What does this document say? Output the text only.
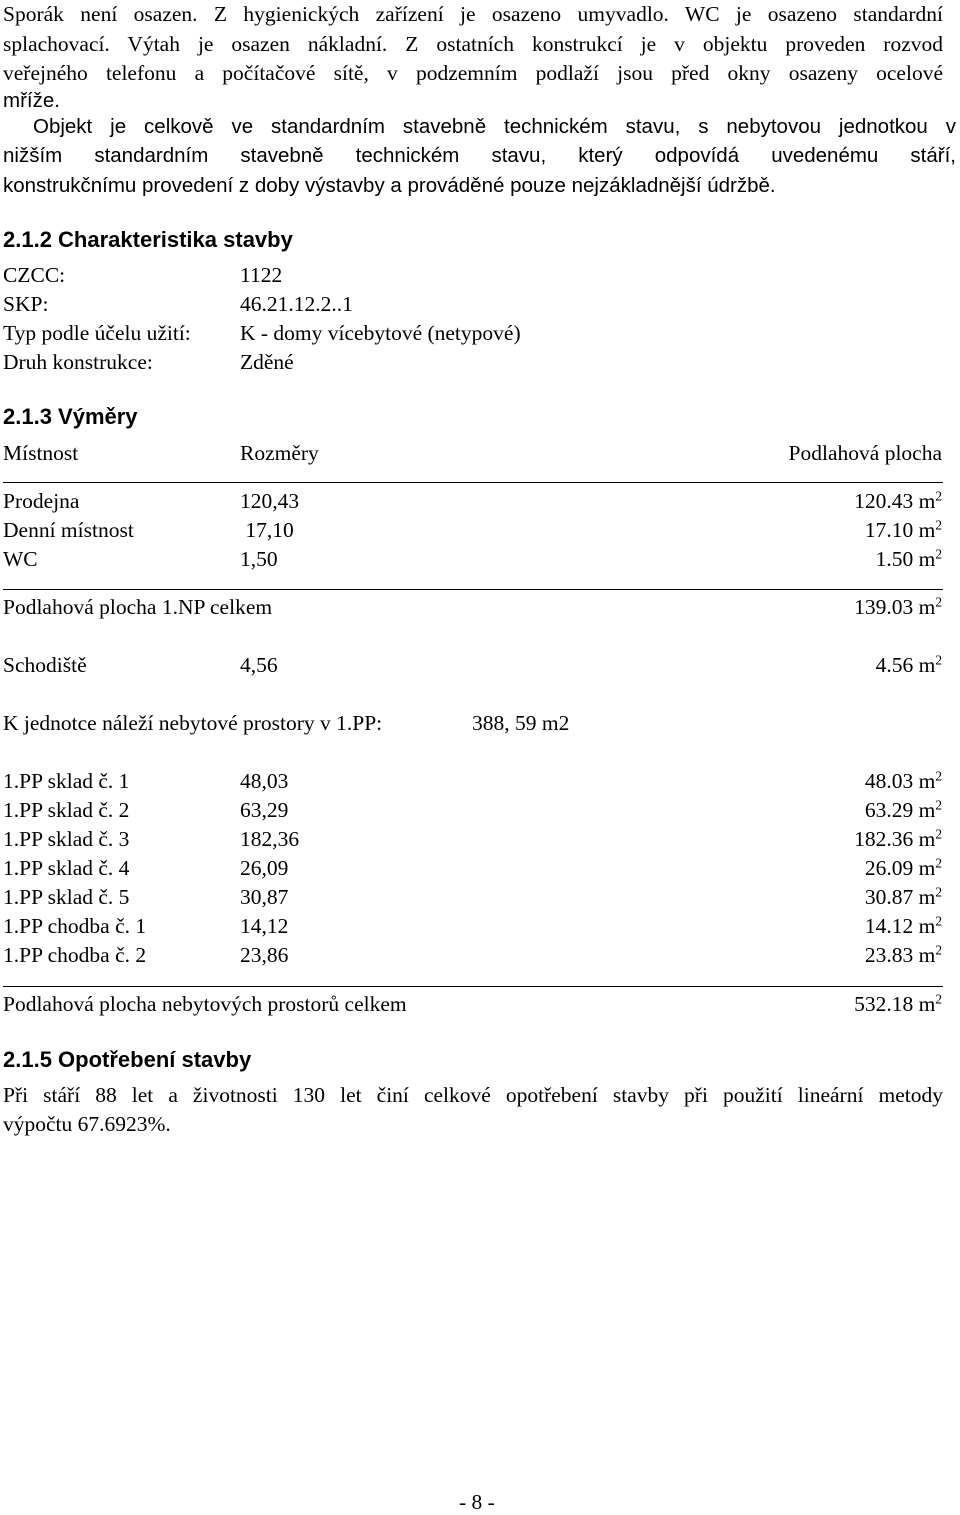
Sporák není osazen. Z hygienických zařízení je osazeno umyvadlo. WC je osazeno standardní
splachovací. Výtah je osazen nákladní. Z ostatních konstrukcí je v objektu proveden rozvod
veřejného telefonu a počítačové sítě, v podzemním podlaží jsou před okny osazeny ocelové
mříže.
Objekt je celkově ve standardním stavebně technickém stavu, s nebytovou jednotkou v
nižším standardním stavebně technickém stavu, který odpovídá uvedenému stáří,
konstrukčnímu provedení z doby výstavby a prováděné pouze nejzákladnější údržbě.
2.1.2 Charakteristika stavby
CZCC:	1122
SKP:	46.21.12.2..1
Typ podle účelu užití: K - domy vícebytové (netypové)
Druh konstrukce:	Zděné
2.1.3 Výměry
Místnost	Rozměry	Podlahová plocha
Prodejna	120,43	120.43 $m^2$
Denní místnost	17,10	17.10 $m^2$
WC	1,50	1.50 $m^2$
Podlahová plocha 1.NP celkem	139.03 $m^2$
Schodiště	4,56	4.56 $m^2$
K jednotce náleží nebytové prostory v 1.PP:	388, 59 m2
1.PP sklad č. 1	48,03	48.03 $m^2$
1.PP sklad č. 2	63,29	63.29 $m^2$
1.PP sklad č. 3	182,36	182.36 $m^2$
1.PP sklad č. 4	26,09	26.09 $m^2$
1.PP sklad č. 5	30,87	30.87 $m^2$
1.PP chodba č. 1	14,12	14.12 $m^2$
1.PP chodba č. 2	23,86	23.83 $m^2$
Podlahová plocha nebytových prostorů celkem	532.18 $m^2$
2.1.5 Opotřebení stavby
Při stáří 88 let a životnosti 130 let činí celkové opotřebení stavby při použití lineární metody
výpočtu 67.6923%.
- 8 -
